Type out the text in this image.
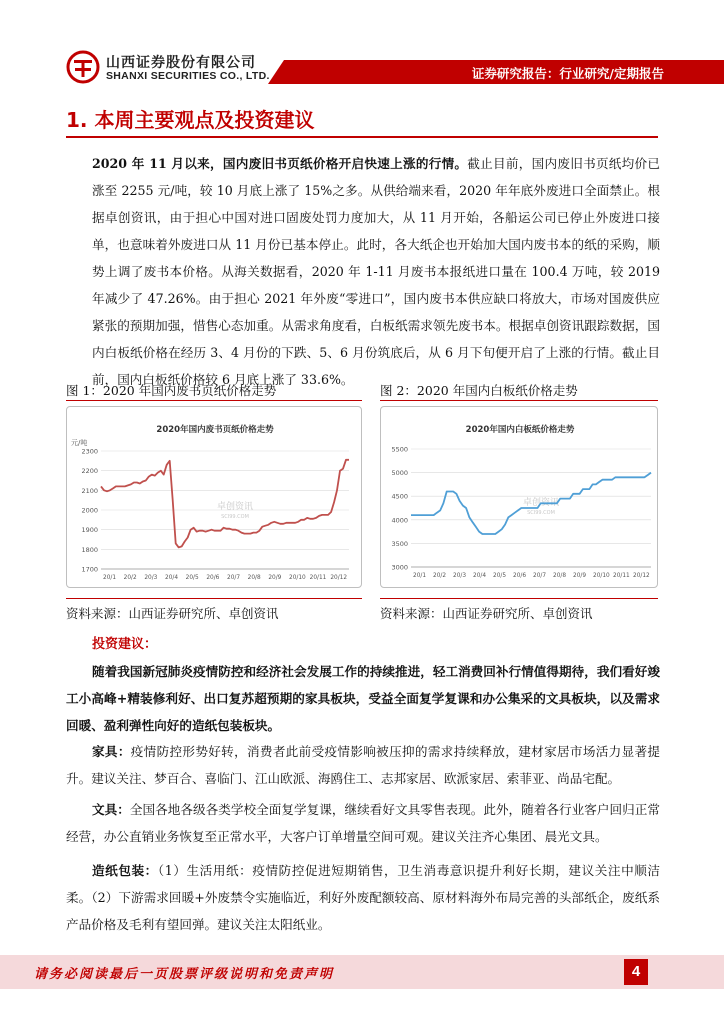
山西证券股份有限公司
SHANXI SECURITIES CO., LTD.	证券研究报告：行业研究/定期报告
1. 本周主要观点及投资建议
2020 年 11 月以来，国内废旧书页纸价格开启快速上涨的行情。截止目前，国内废旧书页纸均价已涨至 2255 元/吨，较 10 月底上涨了 15%之多。从供给端来看，2020 年年底外废进口全面禁止。根据卓创资讯，由于担心中国对进口固废处罚力度加大，从 11 月开始，各船运公司已停止外废进口接单，也意味着外废进口从 11 月份已基本停止。此时，各大纸企也开始加大国内废书本的纸的采购，顺势上调了废书本价格。从海关数据看，2020 年 1-11 月废书本报纸进口量在 100.4 万吨，较 2019 年减少了 47.26%。由于担心 2021 年外废“零进口”，国内废书本供应缺口将放大，市场对国废供应紧张的预期加强，惜售心态加重。从需求角度看，白板纸需求领先废书本。根据卓创资讯跟踪数据，国内白板纸价格在经历 3、4 月份的下跌、5、6 月份筑底后，从 6 月下旬便开启了上涨的行情。截止目前，国内白板纸价格较 6 月底上涨了 33.6%。
图 1：2020 年国内废书页纸价格走势	图 2：2020 年国内白板纸价格走势
2020年国内废书页纸价格走势
元/吨
卓创资讯
SCI99.COM
1700
1800
1900
2000
2100
2200
2300
20/1 20/2 20/3 20/4 20/5 20/6 20/7 20/8 20/9 20/10 20/11 20/12
2020年国内白板纸价格走势
卓创资讯
SCI99.COM
3000
3500
4000
4500
5000
5500
20/1 20/2 20/3 20/4 20/5 20/6 20/7 20/8 20/9 20/10 20/11 20/12
资料来源：山西证券研究所、卓创资讯	资料来源：山西证券研究所、卓创资讯
投资建议：
随着我国新冠肺炎疫情防控和经济社会发展工作的持续推进，轻工消费回补行情值得期待，我们看好竣工小高峰+精装修利好、出口复苏超预期的家具板块，受益全面复学复课和办公集采的文具板块，以及需求回暖、盈利弹性向好的造纸包装板块。
家具：疫情防控形势好转，消费者此前受疫情影响被压抑的需求持续释放，建材家居市场活力显著提升。建议关注、梦百合、喜临门、江山欧派、海鸥住工、志邦家居、欧派家居、索菲亚、尚品宅配。
文具：全国各地各级各类学校全面复学复课，继续看好文具零售表现。此外，随着各行业客户回归正常经营，办公直销业务恢复至正常水平，大客户订单增量空间可观。建议关注齐心集团、晨光文具。
造纸包装：（1）生活用纸：疫情防控促进短期销售，卫生消毒意识提升利好长期，建议关注中顺洁柔。（2）下游需求回暖+外废禁令实施临近，利好外废配额较高、原材料海外布局完善的头部纸企，废纸系产品价格及毛利有望回弹。建议关注太阳纸业。
请务必阅读最后一页股票评级说明和免责声明	4
